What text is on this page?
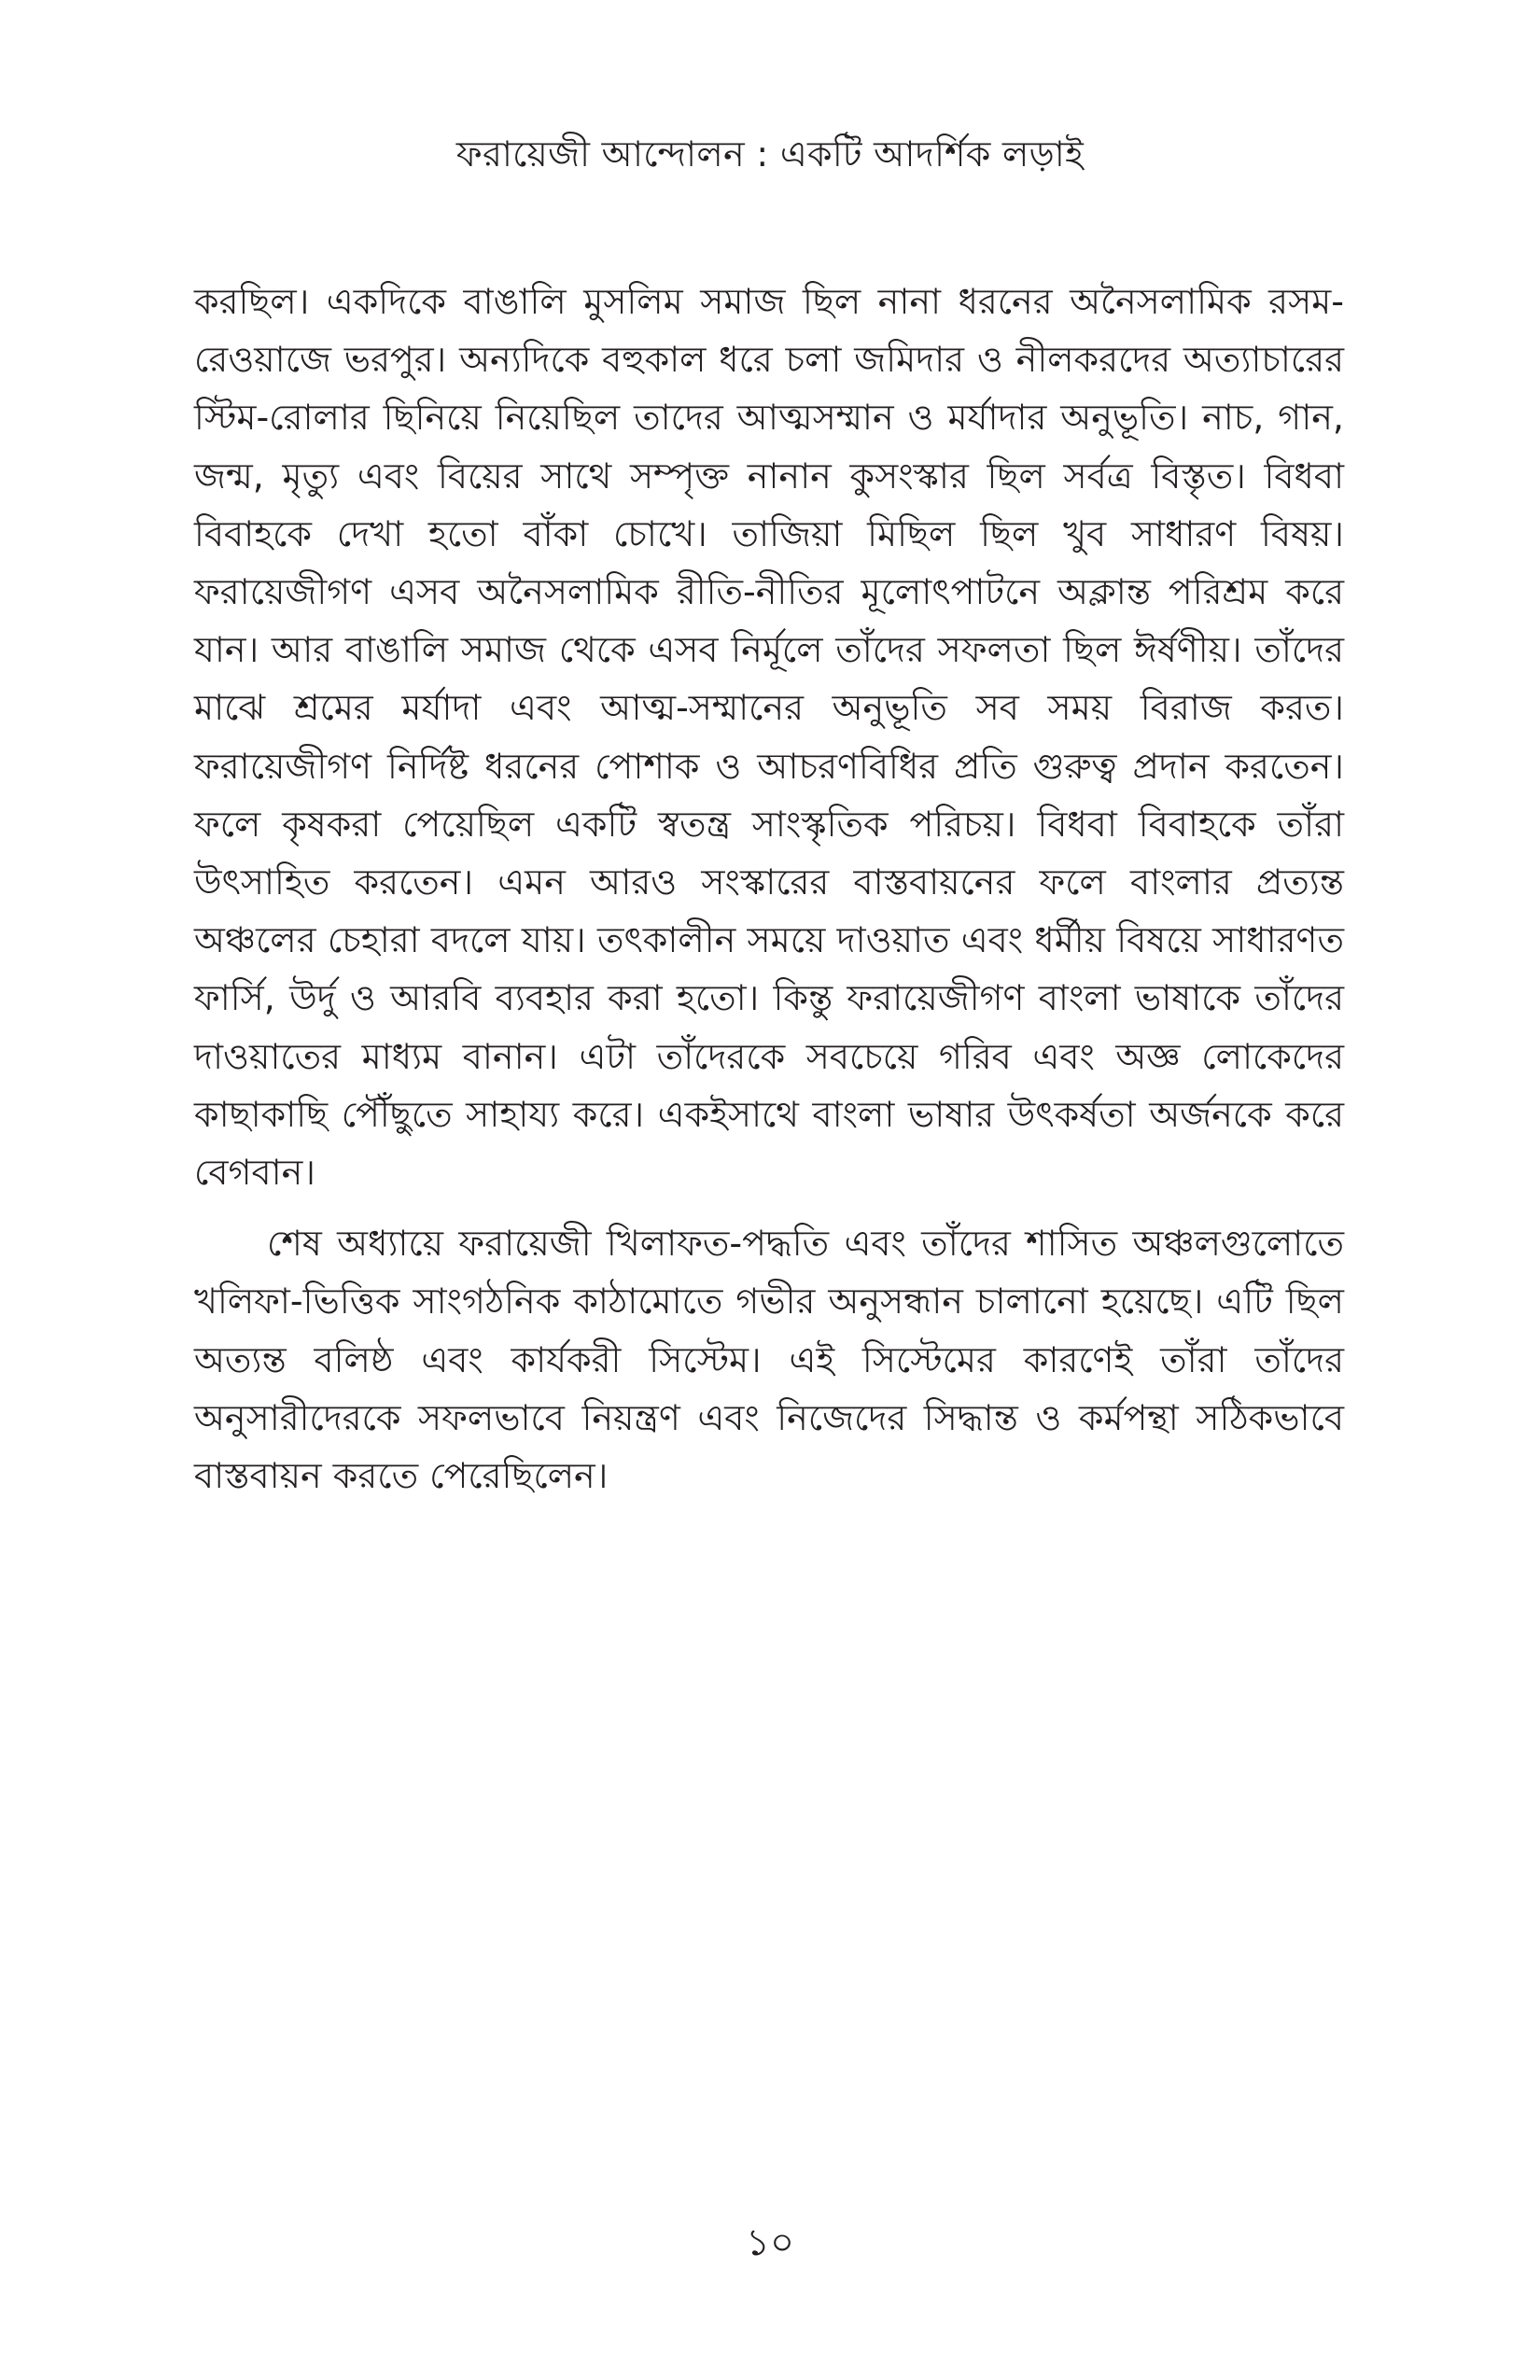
ফরায়েজী আন্দোলন : একটি আদর্শিক লড়াই

করছিল। একদিকে বাঙালি মুসলিম সমাজ ছিল নানা ধরনের অনৈসলামিক রসম-রেওয়াজে ভরপুর। অন্যদিকে বহুকাল ধরে চলা জমিদার ও নীলকরদের অত্যাচারের স্টিম-রোলার ছিনিয়ে নিয়েছিল তাদের আত্মসম্মান ও মর্যাদার অনুভূতি। নাচ, গান, জন্ম, মৃত্যু এবং বিয়ের সাথে সম্পৃক্ত নানান কুসংস্কার ছিল সর্বত্র বিস্তৃত। বিধবা বিবাহকে দেখা হতো বাঁকা চোখে। তাজিয়া মিছিল ছিল খুব সাধারণ বিষয়। ফরায়েজীগণ এসব অনৈসলামিক রীতি-নীতির মূলোৎপাটনে অক্লান্ত পরিশ্রম করে যান। আর বাঙালি সমাজ থেকে এসব নির্মূলে তাঁদের সফলতা ছিল ঈর্ষণীয়। তাঁদের মাঝে শ্রমের মর্যাদা এবং আত্ম-সম্মানের অনুভূতি সব সময় বিরাজ করত। ফরায়েজীগণ নির্দিষ্ট ধরনের পোশাক ও আচরণবিধির প্রতি গুরুত্ব প্রদান করতেন। ফলে কৃষকরা পেয়েছিল একটি স্বতন্ত্র সাংস্কৃতিক পরিচয়। বিধবা বিবাহকে তাঁরা উৎসাহিত করতেন। এমন আরও সংস্কারের বাস্তবায়নের ফলে বাংলার প্রত্যন্ত অঞ্চলের চেহারা বদলে যায়। তৎকালীন সময়ে দাওয়াত এবং ধর্মীয় বিষয়ে সাধারণত ফার্সি, উর্দু ও আরবি ব্যবহার করা হতো। কিন্তু ফরায়েজীগণ বাংলা ভাষাকে তাঁদের দাওয়াতের মাধ্যম বানান। এটা তাঁদেরকে সবচেয়ে গরিব এবং অজ্ঞ লোকেদের কাছাকাছি পৌঁছুতে সাহায্য করে। একইসাথে বাংলা ভাষার উৎকর্ষতা অর্জনকে করে বেগবান।

শেষ অধ্যায়ে ফরায়েজী খিলাফত-পদ্ধতি এবং তাঁদের শাসিত অঞ্চলগুলোতে খলিফা-ভিত্তিক সাংগঠনিক কাঠামোতে গভীর অনুসন্ধান চালানো হয়েছে। এটি ছিল অত্যন্ত বলিষ্ঠ এবং কার্যকরী সিস্টেম। এই সিস্টেমের কারণেই তাঁরা তাঁদের অনুসারীদেরকে সফলভাবে নিয়ন্ত্রণ এবং নিজেদের সিদ্ধান্ত ও কর্মপন্থা সঠিকভাবে বাস্তবায়ন করতে পেরেছিলেন।

১০
